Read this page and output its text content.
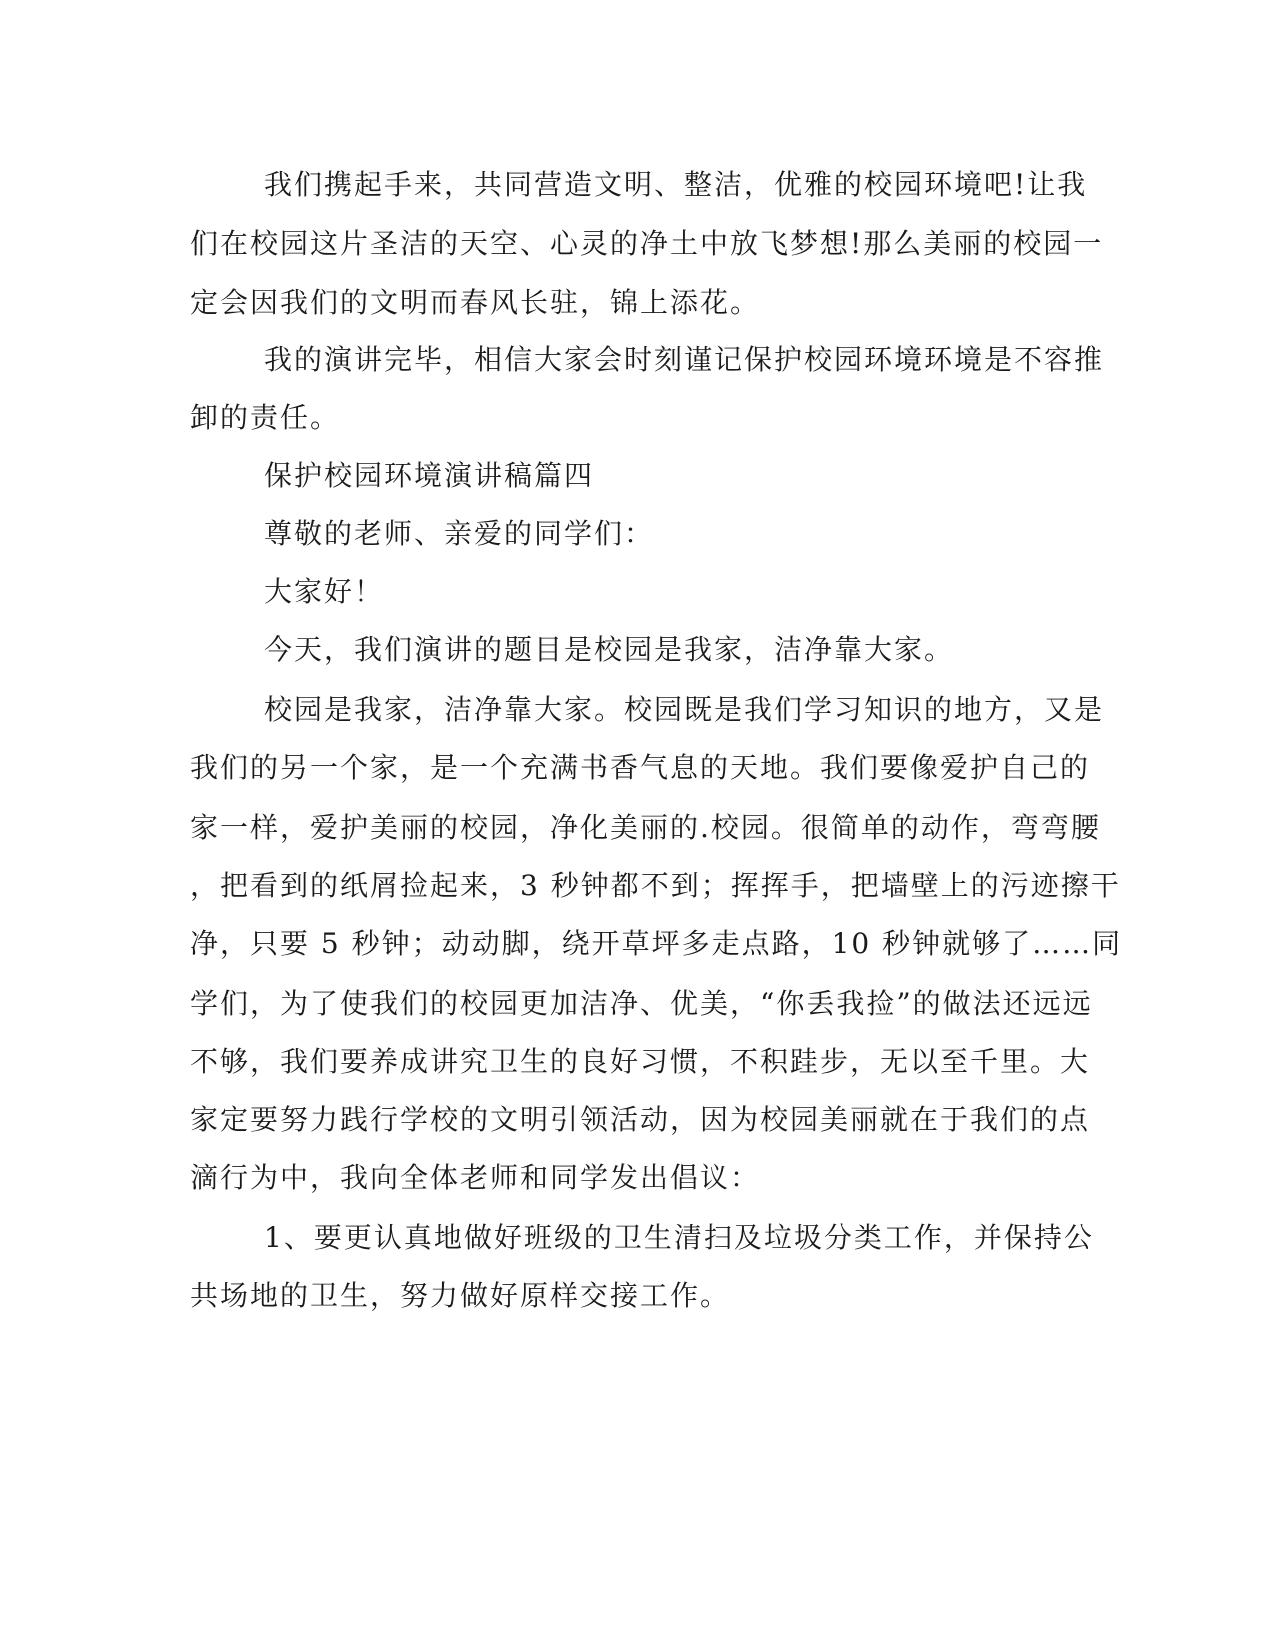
我们携起手来，共同营造文明、整洁，优雅的校园环境吧!让我

们在校园这片圣洁的天空、心灵的净土中放飞梦想!那么美丽的校园一

定会因我们的文明而春风长驻，锦上添花。

我的演讲完毕，相信大家会时刻谨记保护校园环境环境是不容推

卸的责任。

保护校园环境演讲稿篇四

尊敬的老师、亲爱的同学们：

大家好！

今天，我们演讲的题目是校园是我家，洁净靠大家。

校园是我家，洁净靠大家。校园既是我们学习知识的地方，又是

我们的另一个家，是一个充满书香气息的天地。我们要像爱护自己的

家一样，爱护美丽的校园，净化美丽的.校园。很简单的动作，弯弯腰

，把看到的纸屑捡起来，3 秒钟都不到；挥挥手，把墙壁上的污迹擦干

净，只要 5 秒钟；动动脚，绕开草坪多走点路，10 秒钟就够了……同

学们，为了使我们的校园更加洁净、优美，“你丢我捡”的做法还远远

不够，我们要养成讲究卫生的良好习惯，不积跬步，无以至千里。大

家定要努力践行学校的文明引领活动，因为校园美丽就在于我们的点

滴行为中，我向全体老师和同学发出倡议：

1、要更认真地做好班级的卫生清扫及垃圾分类工作，并保持公

共场地的卫生，努力做好原样交接工作。
